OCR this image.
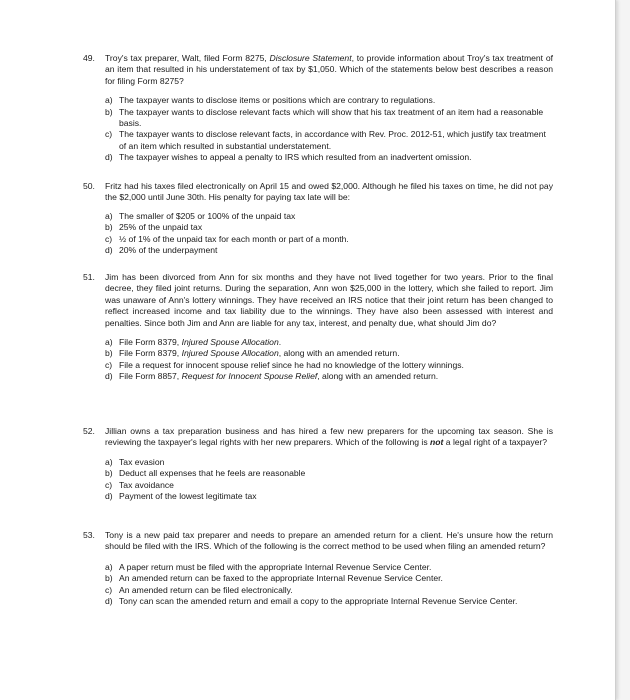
49. Troy's tax preparer, Walt, filed Form 8275, Disclosure Statement, to provide information about Troy's tax treatment of an item that resulted in his understatement of tax by $1,050. Which of the statements below best describes a reason for filing Form 8275?
a) The taxpayer wants to disclose items or positions which are contrary to regulations.
b) The taxpayer wants to disclose relevant facts which will show that his tax treatment of an item had a reasonable basis.
c) The taxpayer wants to disclose relevant facts, in accordance with Rev. Proc. 2012-51, which justify tax treatment of an item which resulted in substantial understatement.
d) The taxpayer wishes to appeal a penalty to IRS which resulted from an inadvertent omission.
50. Fritz had his taxes filed electronically on April 15 and owed $2,000. Although he filed his taxes on time, he did not pay the $2,000 until June 30th. His penalty for paying tax late will be:
a) The smaller of $205 or 100% of the unpaid tax
b) 25% of the unpaid tax
c) ½ of 1% of the unpaid tax for each month or part of a month.
d) 20% of the underpayment
51. Jim has been divorced from Ann for six months and they have not lived together for two years. Prior to the final decree, they filed joint returns. During the separation, Ann won $25,000 in the lottery, which she failed to report. Jim was unaware of Ann's lottery winnings. They have received an IRS notice that their joint return has been changed to reflect increased income and tax liability due to the winnings. They have also been assessed with interest and penalties. Since both Jim and Ann are liable for any tax, interest, and penalty due, what should Jim do?
a) File Form 8379, Injured Spouse Allocation.
b) File Form 8379, Injured Spouse Allocation, along with an amended return.
c) File a request for innocent spouse relief since he had no knowledge of the lottery winnings.
d) File Form 8857, Request for Innocent Spouse Relief, along with an amended return.
52. Jillian owns a tax preparation business and has hired a few new preparers for the upcoming tax season. She is reviewing the taxpayer's legal rights with her new preparers. Which of the following is not a legal right of a taxpayer?
a) Tax evasion
b) Deduct all expenses that he feels are reasonable
c) Tax avoidance
d) Payment of the lowest legitimate tax
53. Tony is a new paid tax preparer and needs to prepare an amended return for a client. He's unsure how the return should be filed with the IRS. Which of the following is the correct method to be used when filing an amended return?
a) A paper return must be filed with the appropriate Internal Revenue Service Center.
b) An amended return can be faxed to the appropriate Internal Revenue Service Center.
c) An amended return can be filed electronically.
d) Tony can scan the amended return and email a copy to the appropriate Internal Revenue Service Center.
